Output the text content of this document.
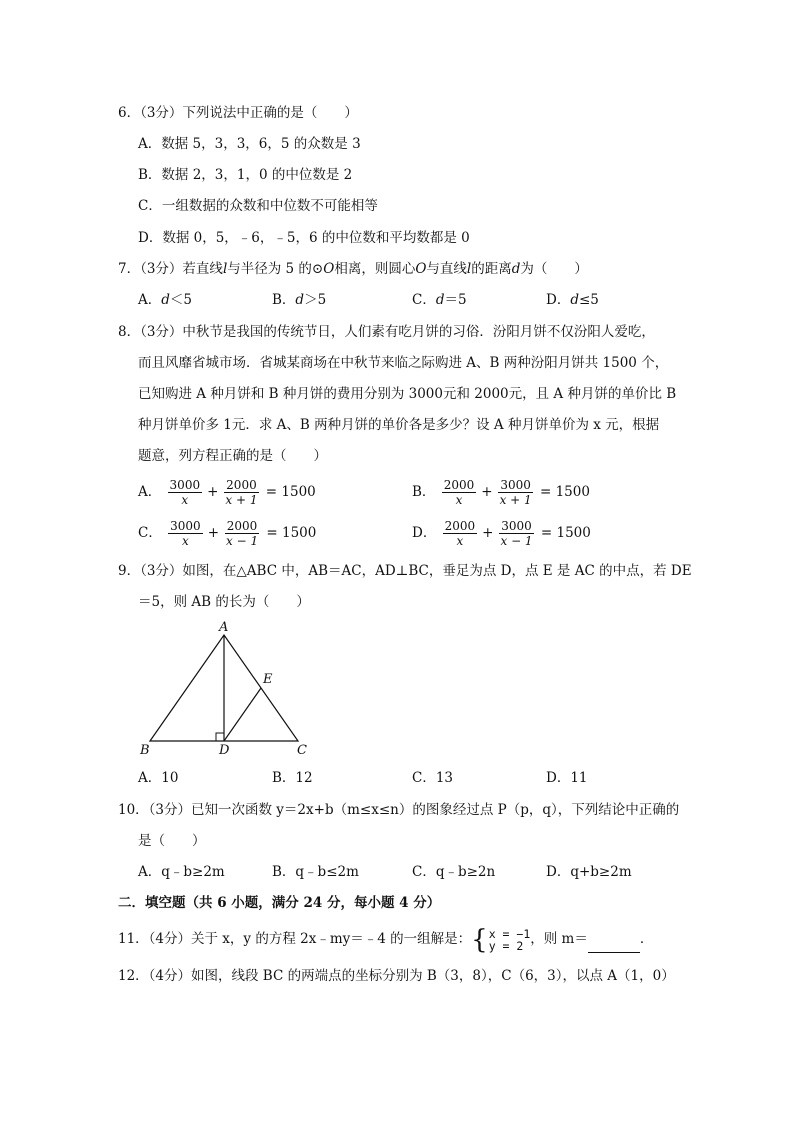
6．（3分）下列说法中正确的是（　　）
A．数据 5，3，3，6，5 的众数是 3
B．数据 2，3，1，0 的中位数是 2
C．一组数据的众数和中位数不可能相等
D．数据 0，5，﹣6，﹣5，6 的中位数和平均数都是 0
7．（3分）若直线l与半径为 5 的⊙O相离，则圆心O与直线l的距离d为（　　）
A．d＜5	B．d＞5	C．d＝5	D．d≤5
8．（3分）中秋节是我国的传统节日，人们素有吃月饼的习俗．汾阳月饼不仅汾阳人爱吃，
而且风靡省城市场．省城某商场在中秋节来临之际购进 A、B 两种汾阳月饼共 1500 个，
已知购进 A 种月饼和 B 种月饼的费用分别为 3000元和 2000元，且 A 种月饼的单价比 B
种月饼单价多 1元．求 A、B 两种月饼的单价各是多少？设 A 种月饼单价为 x 元，根据
题意，列方程正确的是（　　）
A． $\frac{3000}{x} + \frac{2000}{x + 1} = 1500$	B． $\frac{2000}{x} + \frac{3000}{x + 1} = 1500$
C． $\frac{3000}{x} + \frac{2000}{x - 1} = 1500$	D． $\frac{2000}{x} + \frac{3000}{x - 1} = 1500$
9．（3分）如图，在△ABC 中，AB＝AC，AD⊥BC，垂足为点 D，点 E 是 AC 的中点，若 DE
＝5，则 AB 的长为（　　）
A
E
B	D	C
A．10	B．12	C．13	D．11
10．（3分）已知一次函数 y＝2x+b（m≤x≤n）的图象经过点 P（p，q），下列结论中正确的
是（　　）
A．q﹣b≥2m	B．q﹣b≤2m	C．q﹣b≥2n	D．q+b≥2m
二．填空题（共 6 小题，满分 24 分，每小题 4 分）
11．（4分）关于 x，y 的方程 2x﹣my＝﹣4 的一组解是： { x = −1
y = 2 ，则 m＝	．
12．（4分）如图，线段 BC 的两端点的坐标分别为 B（3，8），C（6，3），以点 A（1，0）
